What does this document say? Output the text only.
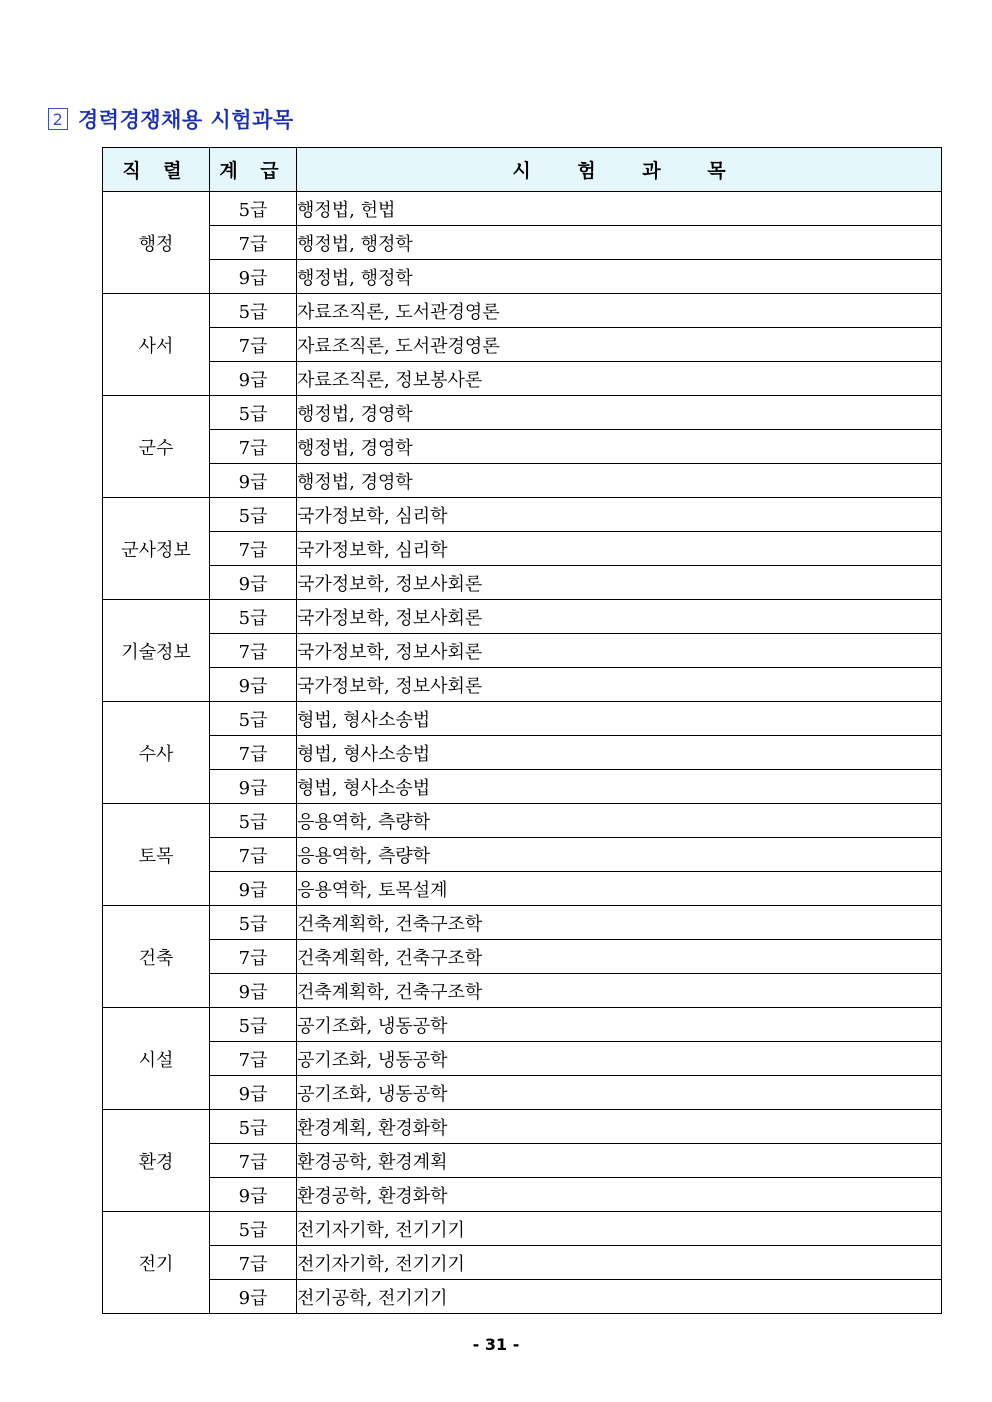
2 경력경쟁채용 시험과목
직 렬	계 급	시 험 과 목
행정	5급	행정법, 헌법
	7급	행정법, 행정학
	9급	행정법, 행정학
사서	5급	자료조직론, 도서관경영론
	7급	자료조직론, 도서관경영론
	9급	자료조직론, 정보봉사론
군수	5급	행정법, 경영학
	7급	행정법, 경영학
	9급	행정법, 경영학
군사정보	5급	국가정보학, 심리학
	7급	국가정보학, 심리학
	9급	국가정보학, 정보사회론
기술정보	5급	국가정보학, 정보사회론
	7급	국가정보학, 정보사회론
	9급	국가정보학, 정보사회론
수사	5급	형법, 형사소송법
	7급	형법, 형사소송법
	9급	형법, 형사소송법
토목	5급	응용역학, 측량학
	7급	응용역학, 측량학
	9급	응용역학, 토목설계
건축	5급	건축계획학, 건축구조학
	7급	건축계획학, 건축구조학
	9급	건축계획학, 건축구조학
시설	5급	공기조화, 냉동공학
	7급	공기조화, 냉동공학
	9급	공기조화, 냉동공학
환경	5급	환경계획, 환경화학
	7급	환경공학, 환경계획
	9급	환경공학, 환경화학
전기	5급	전기자기학, 전기기기
	7급	전기자기학, 전기기기
	9급	전기공학, 전기기기
- 31 -
